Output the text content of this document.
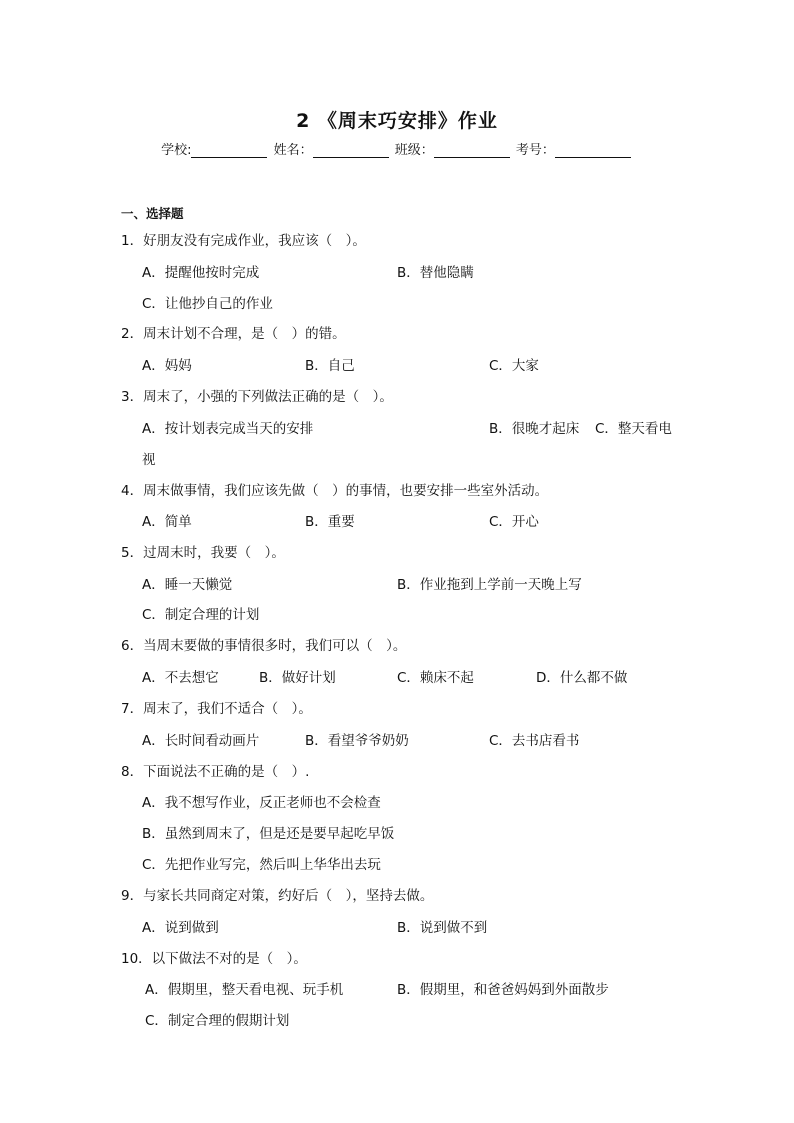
2 《周末巧安排》作业
学校:	姓名：	班级：	考号：
一、选择题
1．好朋友没有完成作业，我应该（　）。
A．提醒他按时完成	B．替他隐瞒
C．让他抄自己的作业
2．周末计划不合理，是（　）的错。
A．妈妈	B．自己	C．大家
3．周末了，小强的下列做法正确的是（　）。
A．按计划表完成当天的安排	B．很晚才起床 C．整天看电
视
4．周末做事情，我们应该先做（　）的事情，也要安排一些室外活动。
A．简单	B．重要	C．开心
5．过周末时，我要（　）。
A．睡一天懒觉	B．作业拖到上学前一天晚上写
C．制定合理的计划
6．当周末要做的事情很多时，我们可以（　）。
A．不去想它	B．做好计划	C．赖床不起	D．什么都不做
7．周末了，我们不适合（　）。
A．长时间看动画片	B．看望爷爷奶奶	C．去书店看书
8．下面说法不正确的是（　）.
A．我不想写作业，反正老师也不会检查
B．虽然到周末了，但是还是要早起吃早饭
C．先把作业写完，然后叫上华华出去玩
9．与家长共同商定对策，约好后（　），坚持去做。
A．说到做到	B．说到做不到
10．以下做法不对的是（　）。
A．假期里，整天看电视、玩手机	B．假期里，和爸爸妈妈到外面散步
C．制定合理的假期计划
